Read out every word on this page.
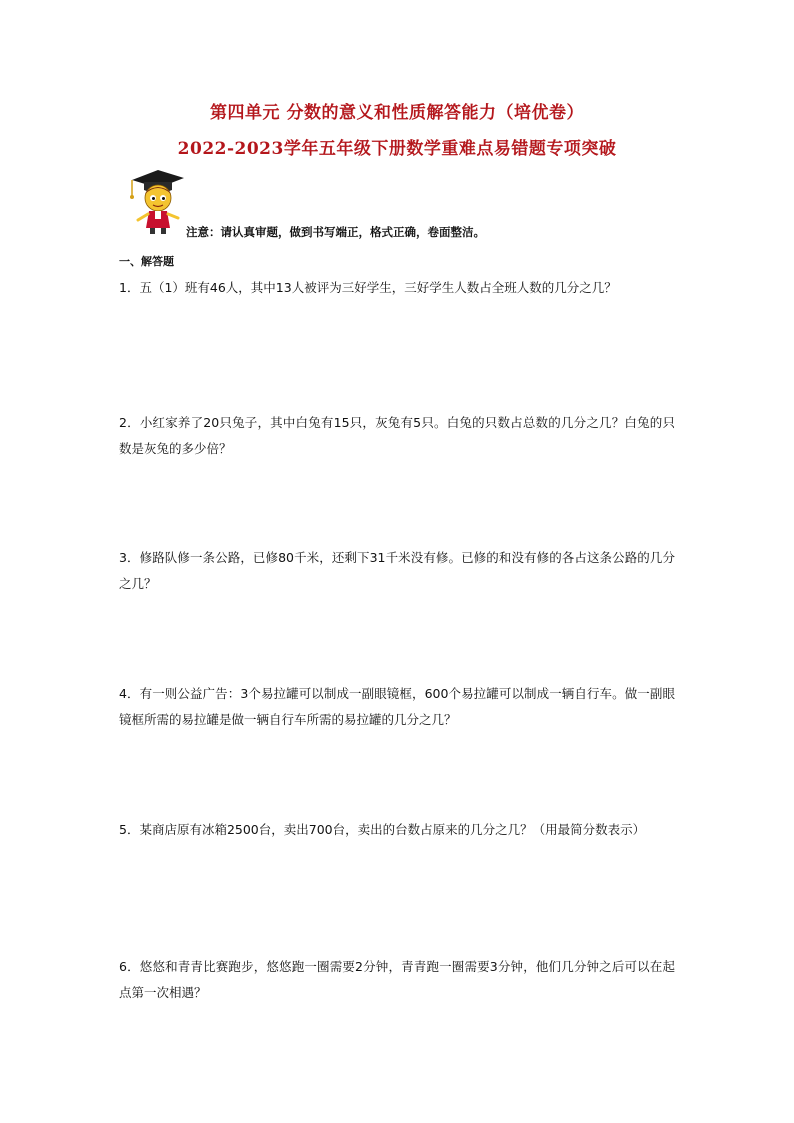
第四单元 分数的意义和性质解答能力（培优卷）
2022-2023学年五年级下册数学重难点易错题专项突破
注意：请认真审题，做到书写端正，格式正确，卷面整洁。
一、解答题
1．五（1）班有46人，其中13人被评为三好学生，三好学生人数占全班人数的几分之几？
2．小红家养了20只兔子，其中白兔有15只，灰兔有5只。白兔的只数占总数的几分之几？白兔的只数是灰兔的多少倍？
3．修路队修一条公路，已修80千米，还剩下31千米没有修。已修的和没有修的各占这条公路的几分之几？
4．有一则公益广告：3个易拉罐可以制成一副眼镜框，600个易拉罐可以制成一辆自行车。做一副眼镜框所需的易拉罐是做一辆自行车所需的易拉罐的几分之几？
5．某商店原有冰箱2500台，卖出700台，卖出的台数占原来的几分之几？（用最简分数表示）
6．悠悠和青青比赛跑步，悠悠跑一圈需要2分钟，青青跑一圈需要3分钟，他们几分钟之后可以在起点第一次相遇？
